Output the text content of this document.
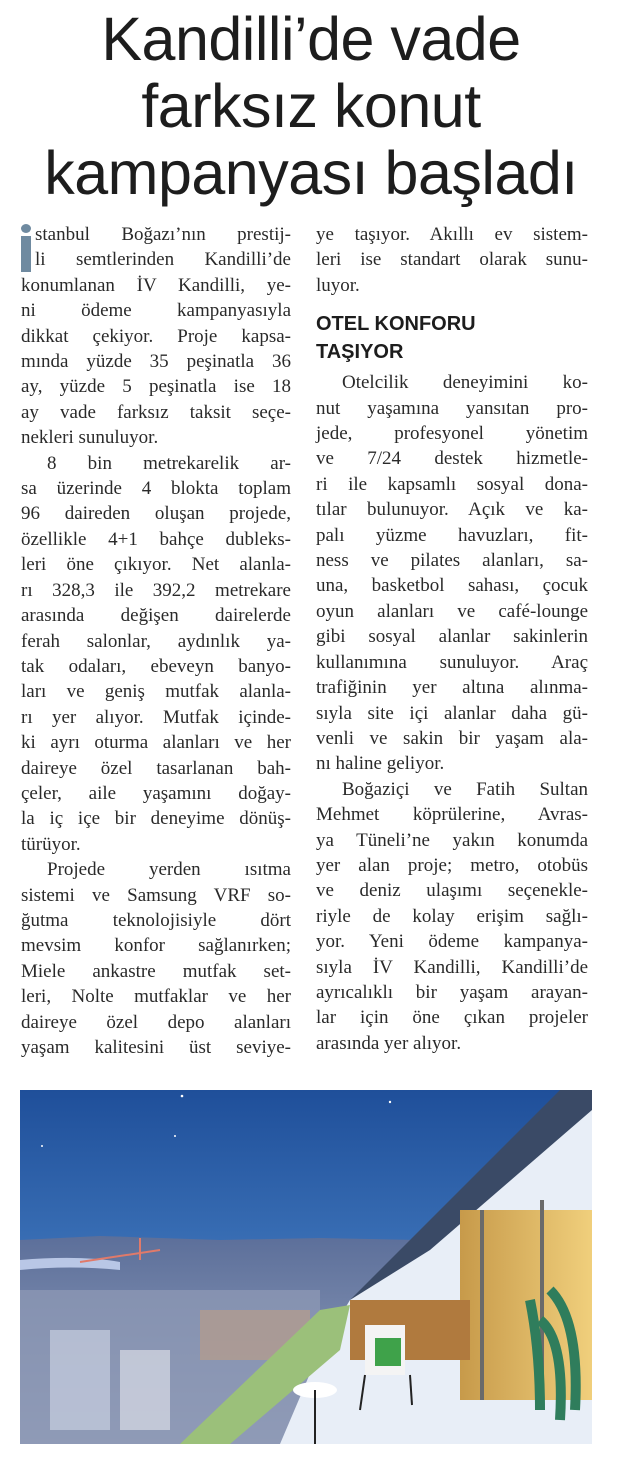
Kandilli’de vade
farksız konut
kampanyası başladı
stanbul Boğazı’nın prestij-
li semtlerinden Kandilli’de
konumlanan İV Kandilli, ye-
ni ödeme kampanyasıyla
dikkat çekiyor. Proje kapsa-
mında yüzde 35 peşinatla 36
ay, yüzde 5 peşinatla ise 18
ay vade farksız taksit seçe-
nekleri sunuluyor.
8 bin metrekarelik ar-
sa üzerinde 4 blokta toplam
96 daireden oluşan projede,
özellikle 4+1 bahçe dubleks-
leri öne çıkıyor. Net alanla-
rı 328,3 ile 392,2 metrekare
arasında değişen dairelerde
ferah salonlar, aydınlık ya-
tak odaları, ebeveyn banyo-
ları ve geniş mutfak alanla-
rı yer alıyor. Mutfak içinde-
ki ayrı oturma alanları ve her
daireye özel tasarlanan bah-
çeler, aile yaşamını doğay-
la iç içe bir deneyime dönüş-
türüyor.
Projede yerden ısıtma
sistemi ve Samsung VRF so-
ğutma teknolojisiyle dört
mevsim konfor sağlanırken;
Miele ankastre mutfak set-
leri, Nolte mutfaklar ve her
daireye özel depo alanları
yaşam kalitesini üst seviye-
ye taşıyor. Akıllı ev sistem-
leri ise standart olarak sunu-
luyor.
OTEL KONFORU
TAŞIYOR
Otelcilik deneyimini ko-
nut yaşamına yansıtan pro-
jede, profesyonel yönetim
ve 7/24 destek hizmetle-
ri ile kapsamlı sosyal dona-
tılar bulunuyor. Açık ve ka-
palı yüzme havuzları, fit-
ness ve pilates alanları, sa-
una, basketbol sahası, çocuk
oyun alanları ve café-lounge
gibi sosyal alanlar sakinlerin
kullanımına sunuluyor. Araç
trafiğinin yer altına alınma-
sıyla site içi alanlar daha gü-
venli ve sakin bir yaşam ala-
nı haline geliyor.
Boğaziçi ve Fatih Sultan
Mehmet köprülerine, Avras-
ya Tüneli’ne yakın konumda
yer alan proje; metro, otobüs
ve deniz ulaşımı seçenekle-
riyle de kolay erişim sağlı-
yor. Yeni ödeme kampanya-
sıyla İV Kandilli, Kandilli’de
ayrıcalıklı bir yaşam arayan-
lar için öne çıkan projeler
arasında yer alıyor.
